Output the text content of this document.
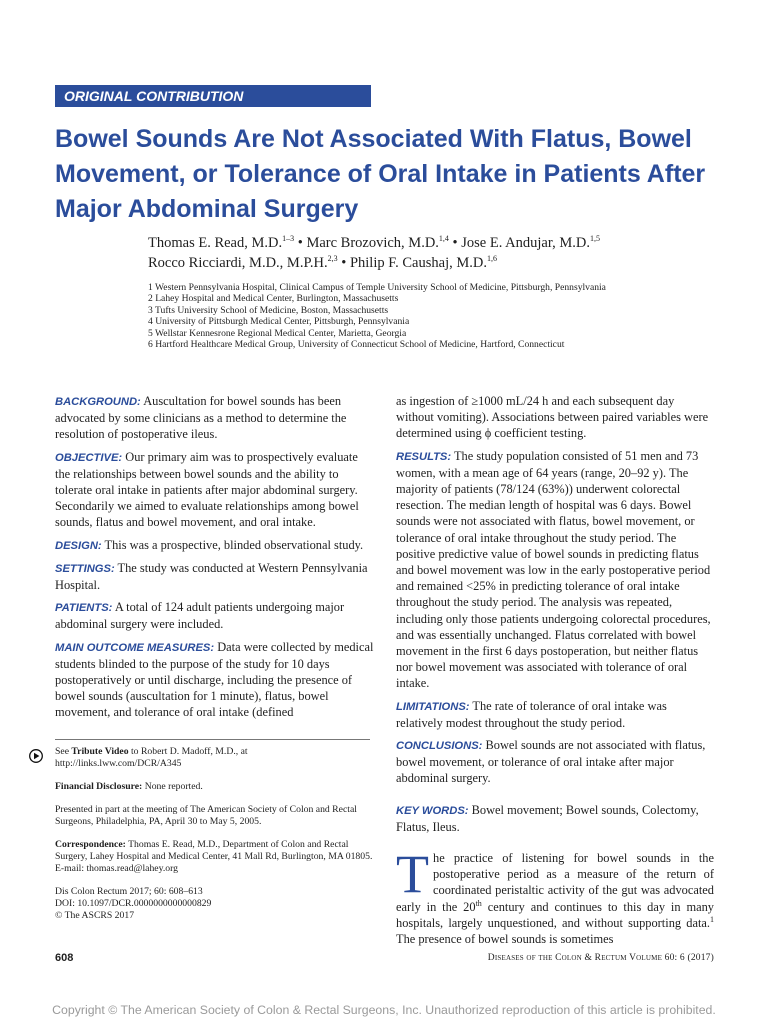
ORIGINAL CONTRIBUTION
Bowel Sounds Are Not Associated With Flatus, Bowel Movement, or Tolerance of Oral Intake in Patients After Major Abdominal Surgery
Thomas E. Read, M.D.$^{1-3}$ • Marc Brozovich, M.D.$^{1,4}$ • Jose E. Andujar, M.D.$^{1,5}$
Rocco Ricciardi, M.D., M.P.H.$^{2,3}$ • Philip F. Caushaj, M.D.$^{1,6}$
1 Western Pennsylvania Hospital, Clinical Campus of Temple University School of Medicine, Pittsburgh, Pennsylvania
2 Lahey Hospital and Medical Center, Burlington, Massachusetts
3 Tufts University School of Medicine, Boston, Massachusetts
4 University of Pittsburgh Medical Center, Pittsburgh, Pennsylvania
5 Wellstar Kennesrone Regional Medical Center, Marietta, Georgia
6 Hartford Healthcare Medical Group, University of Connecticut School of Medicine, Hartford, Connecticut

BACKGROUND: Auscultation for bowel sounds has been advocated by some clinicians as a method to determine the resolution of postoperative ileus.

OBJECTIVE: Our primary aim was to prospectively evaluate the relationships between bowel sounds and the ability to tolerate oral intake in patients after major abdominal surgery. Secondarily we aimed to evaluate relationships among bowel sounds, flatus and bowel movement, and oral intake.

DESIGN: This was a prospective, blinded observational study.

SETTINGS: The study was conducted at Western Pennsylvania Hospital.

PATIENTS: A total of 124 adult patients undergoing major abdominal surgery were included.

MAIN OUTCOME MEASURES: Data were collected by medical students blinded to the purpose of the study for 10 days postoperatively or until discharge, including the presence of bowel sounds (auscultation for 1 minute), flatus, bowel movement, and tolerance of oral intake (defined

as ingestion of ≥1000 mL/24 h and each subsequent day without vomiting). Associations between paired variables were determined using ϕ coefficient testing.

RESULTS: The study population consisted of 51 men and 73 women, with a mean age of 64 years (range, 20–92 y). The majority of patients (78/124 (63%)) underwent colorectal resection. The median length of hospital was 6 days. Bowel sounds were not associated with flatus, bowel movement, or tolerance of oral intake throughout the study period. The positive predictive value of bowel sounds in predicting flatus and bowel movement was low in the early postoperative period and remained <25% in predicting tolerance of oral intake throughout the study period. The analysis was repeated, including only those patients undergoing colorectal procedures, and was essentially unchanged. Flatus correlated with bowel movement in the first 6 days postoperation, but neither flatus nor bowel movement was associated with tolerance of oral intake.

LIMITATIONS: The rate of tolerance of oral intake was relatively modest throughout the study period.

CONCLUSIONS: Bowel sounds are not associated with flatus, bowel movement, or tolerance of oral intake after major abdominal surgery.

See Tribute Video to Robert D. Madoff, M.D., at http://links.lww.com/DCR/A345

Financial Disclosure: None reported.

Presented in part at the meeting of The American Society of Colon and Rectal Surgeons, Philadelphia, PA, April 30 to May 5, 2005.

Correspondence: Thomas E. Read, M.D., Department of Colon and Rectal Surgery, Lahey Hospital and Medical Center, 41 Mall Rd, Burlington, MA 01805. E-mail: thomas.read@lahey.org

Dis Colon Rectum 2017; 60: 608–613
DOI: 10.1097/DCR.0000000000000829
© The ASCRS 2017

KEY WORDS: Bowel movement; Bowel sounds, Colectomy, Flatus, Ileus.
The practice of listening for bowel sounds in the postoperative period as a measure of the return of coordinated peristaltic activity of the gut was advocated early in the 20th century and continues to this day in many hospitals, largely unquestioned, and without supporting data.$^1$ The presence of bowel sounds is sometimes
608	Diseases of the Colon & Rectum Volume 60: 6 (2017)
Copyright © The American Society of Colon & Rectal Surgeons, Inc. Unauthorized reproduction of this article is prohibited.
